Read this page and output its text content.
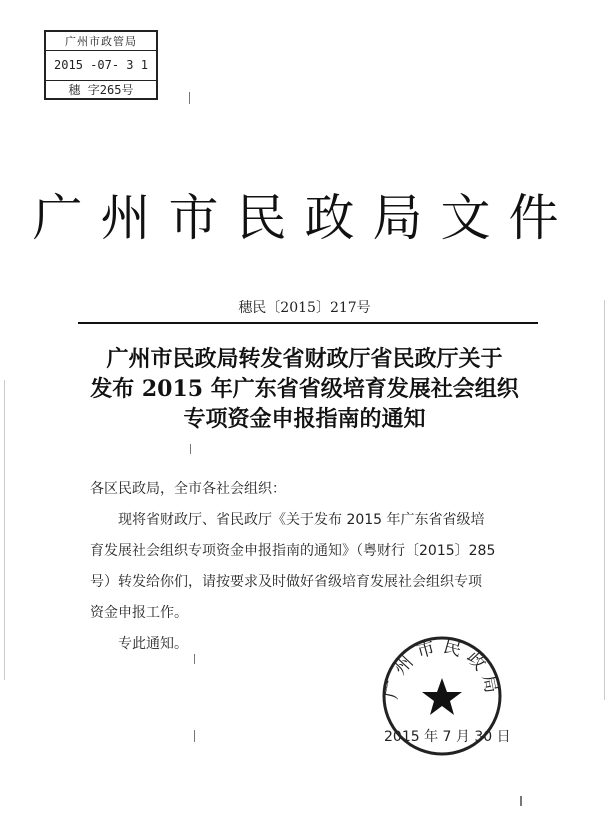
广州市政管局
2015 -07- 3 1
穗 字265号
广州市民政局文件
穗民〔2015〕217号
广州市民政局转发省财政厅省民政厅关于
发布 2015 年广东省省级培育发展社会组织
专项资金申报指南的通知
各区民政局，全市各社会组织：
现将省财政厅、省民政厅《关于发布 2015 年广东省省级培
育发展社会组织专项资金申报指南的通知》（粤财行〔2015〕285
号）转发给你们，请按要求及时做好省级培育发展社会组织专项
资金申报工作。
专此通知。
广州市民政局
2015 年 7 月 30 日
